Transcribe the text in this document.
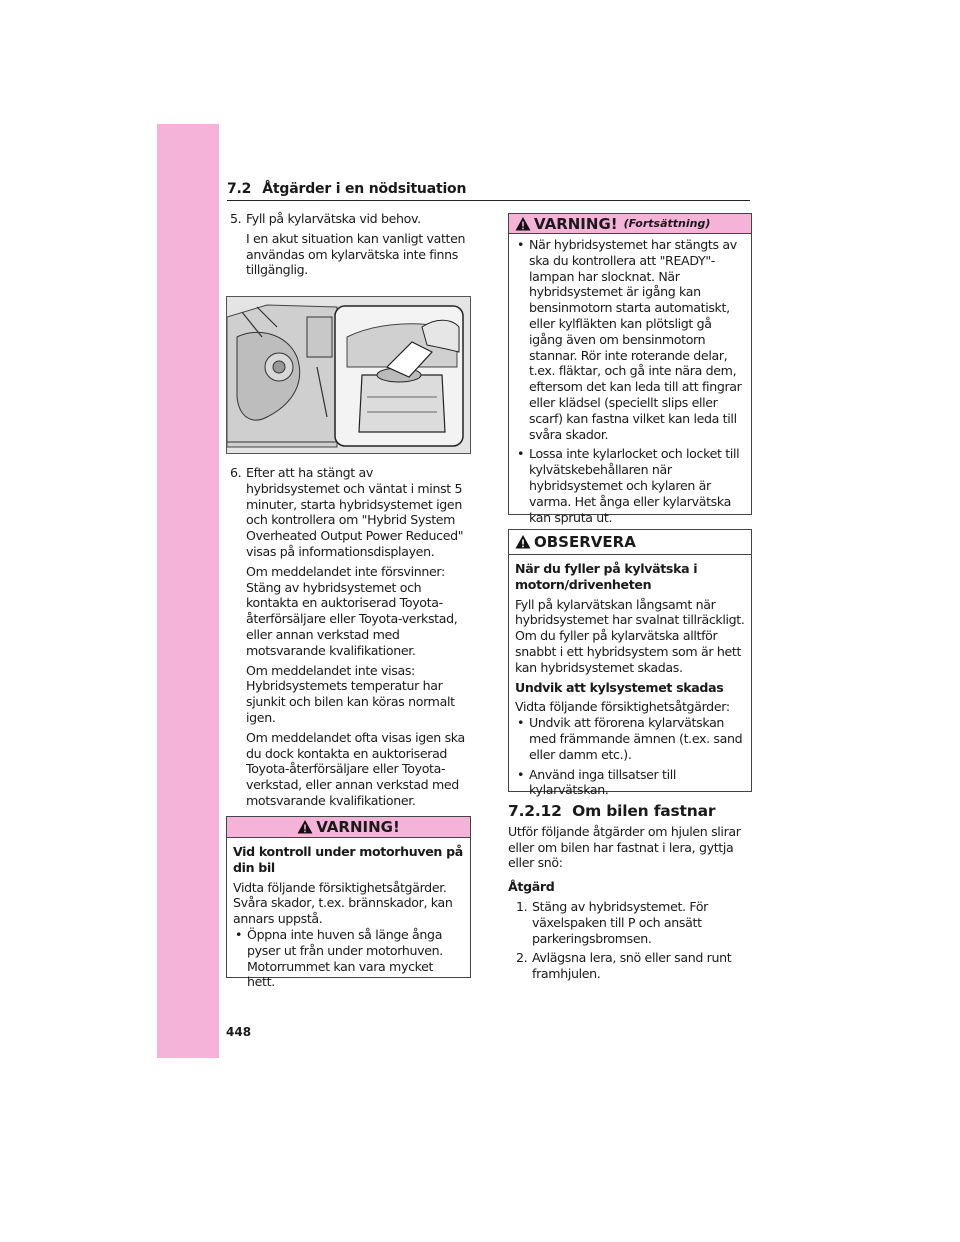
7.2 Åtgärder i en nödsituation

5. Fyll på kylarvätska vid behov.

I en akut situation kan vanligt vatten användas om kylarvätska inte finns tillgänglig.

6. Efter att ha stängt av hybridsystemet och väntat i minst 5 minuter, starta hybridsystemet igen och kontrollera om "Hybrid System Overheated Output Power Reduced" visas på informationsdisplayen.

Om meddelandet inte försvinner: Stäng av hybridsystemet och kontakta en auktoriserad Toyota-återförsäljare eller Toyota-verkstad, eller annan verkstad med motsvarande kvalifikationer.

Om meddelandet inte visas: Hybridsystemets temperatur har sjunkit och bilen kan köras normalt igen.

Om meddelandet ofta visas igen ska du dock kontakta en auktoriserad Toyota-återförsäljare eller Toyota-verkstad, eller annan verkstad med motsvarande kvalifikationer.

VARNING!

Vid kontroll under motorhuven på din bil

Vidta följande försiktighetsåtgärder. Svåra skador, t.ex. brännskador, kan annars uppstå.

• Öppna inte huven så länge ånga pyser ut från under motorhuven. Motorrummet kan vara mycket hett.

VARNING! (Fortsättning)

• När hybridsystemet har stängts av ska du kontrollera att "READY"-lampan har slocknat. När hybridsystemet är igång kan bensinmotorn starta automatiskt, eller kylfläkten kan plötsligt gå igång även om bensinmotorn stannar. Rör inte roterande delar, t.ex. fläktar, och gå inte nära dem, eftersom det kan leda till att fingrar eller klädsel (speciellt slips eller scarf) kan fastna vilket kan leda till svåra skador.

• Lossa inte kylarlocket och locket till kylvätskebehållaren när hybridsystemet och kylaren är varma. Het ånga eller kylarvätska kan spruta ut.

OBSERVERA

När du fyller på kylvätska i motorn/drivenheten

Fyll på kylarvätskan långsamt när hybridsystemet har svalnat tillräckligt. Om du fyller på kylarvätska alltför snabbt i ett hybridsystem som är hett kan hybridsystemet skadas.

Undvik att kylsystemet skadas

Vidta följande försiktighetsåtgärder:

• Undvik att förorena kylarvätskan med främmande ämnen (t.ex. sand eller damm etc.).

• Använd inga tillsatser till kylarvätskan.

7.2.12 Om bilen fastnar

Utför följande åtgärder om hjulen slirar eller om bilen har fastnat i lera, gyttja eller snö:

Åtgärd

1. Stäng av hybridsystemet. För växelspaken till P och ansätt parkeringsbromsen.

2. Avlägsna lera, snö eller sand runt framhjulen.

448
